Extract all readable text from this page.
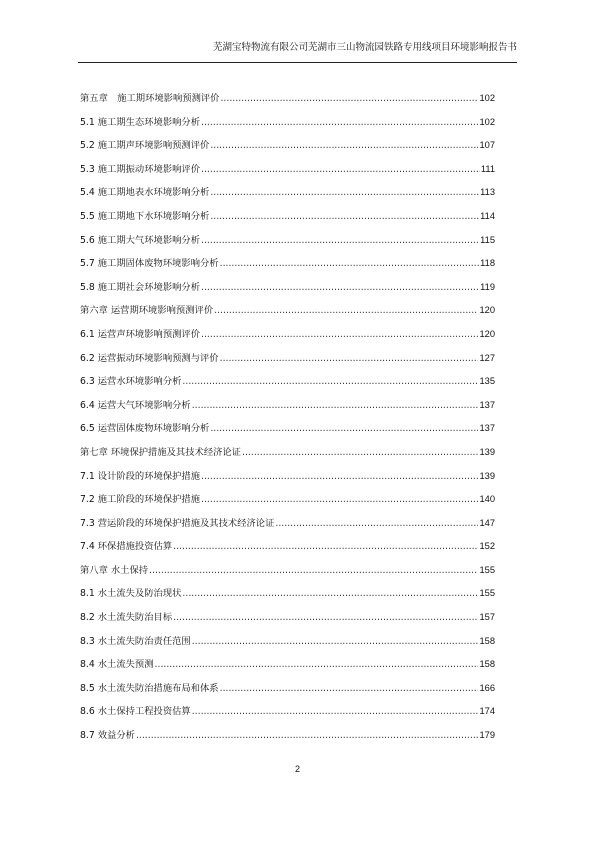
芜湖宝特物流有限公司芜湖市三山物流园铁路专用线项目环境影响报告书
第五章　施工期环境影响预测评价 .....	102
5.1 施工期生态环境影响分析 .....	102
5.2 施工期声环境影响预测评价 .....	107
5.3 施工期振动环境影响评价 .....	111
5.4 施工期地表水环境影响分析 .....	113
5.5 施工期地下水环境影响分析 .....	114
5.6 施工期大气环境影响分析 .....	115
5.7 施工期固体废物环境影响分析 .....	118
5.8 施工期社会环境影响分析 .....	119
第六章 运营期环境影响预测评价 .....	120
6.1 运营声环境影响预测评价 .....	120
6.2 运营振动环境影响预测与评价 .....	127
6.3 运营水环境影响分析 .....	135
6.4 运营大气环境影响分析 .....	137
6.5 运营固体废物环境影响分析 .....	137
第七章 环境保护措施及其技术经济论证 .....	139
7.1 设计阶段的环境保护措施 .....	139
7.2 施工阶段的环境保护措施 .....	140
7.3 营运阶段的环境保护措施及其技术经济论证 .....	147
7.4 环保措施投资估算 .....	152
第八章 水土保持 .....	155
8.1 水土流失及防治现状 .....	155
8.2 水土流失防治目标 .....	157
8.3 水土流失防治责任范围 .....	158
8.4 水土流失预测 .....	158
8.5 水土流失防治措施布局和体系 .....	166
8.6 水土保持工程投资估算 .....	174
8.7 效益分析 .....	179
2
